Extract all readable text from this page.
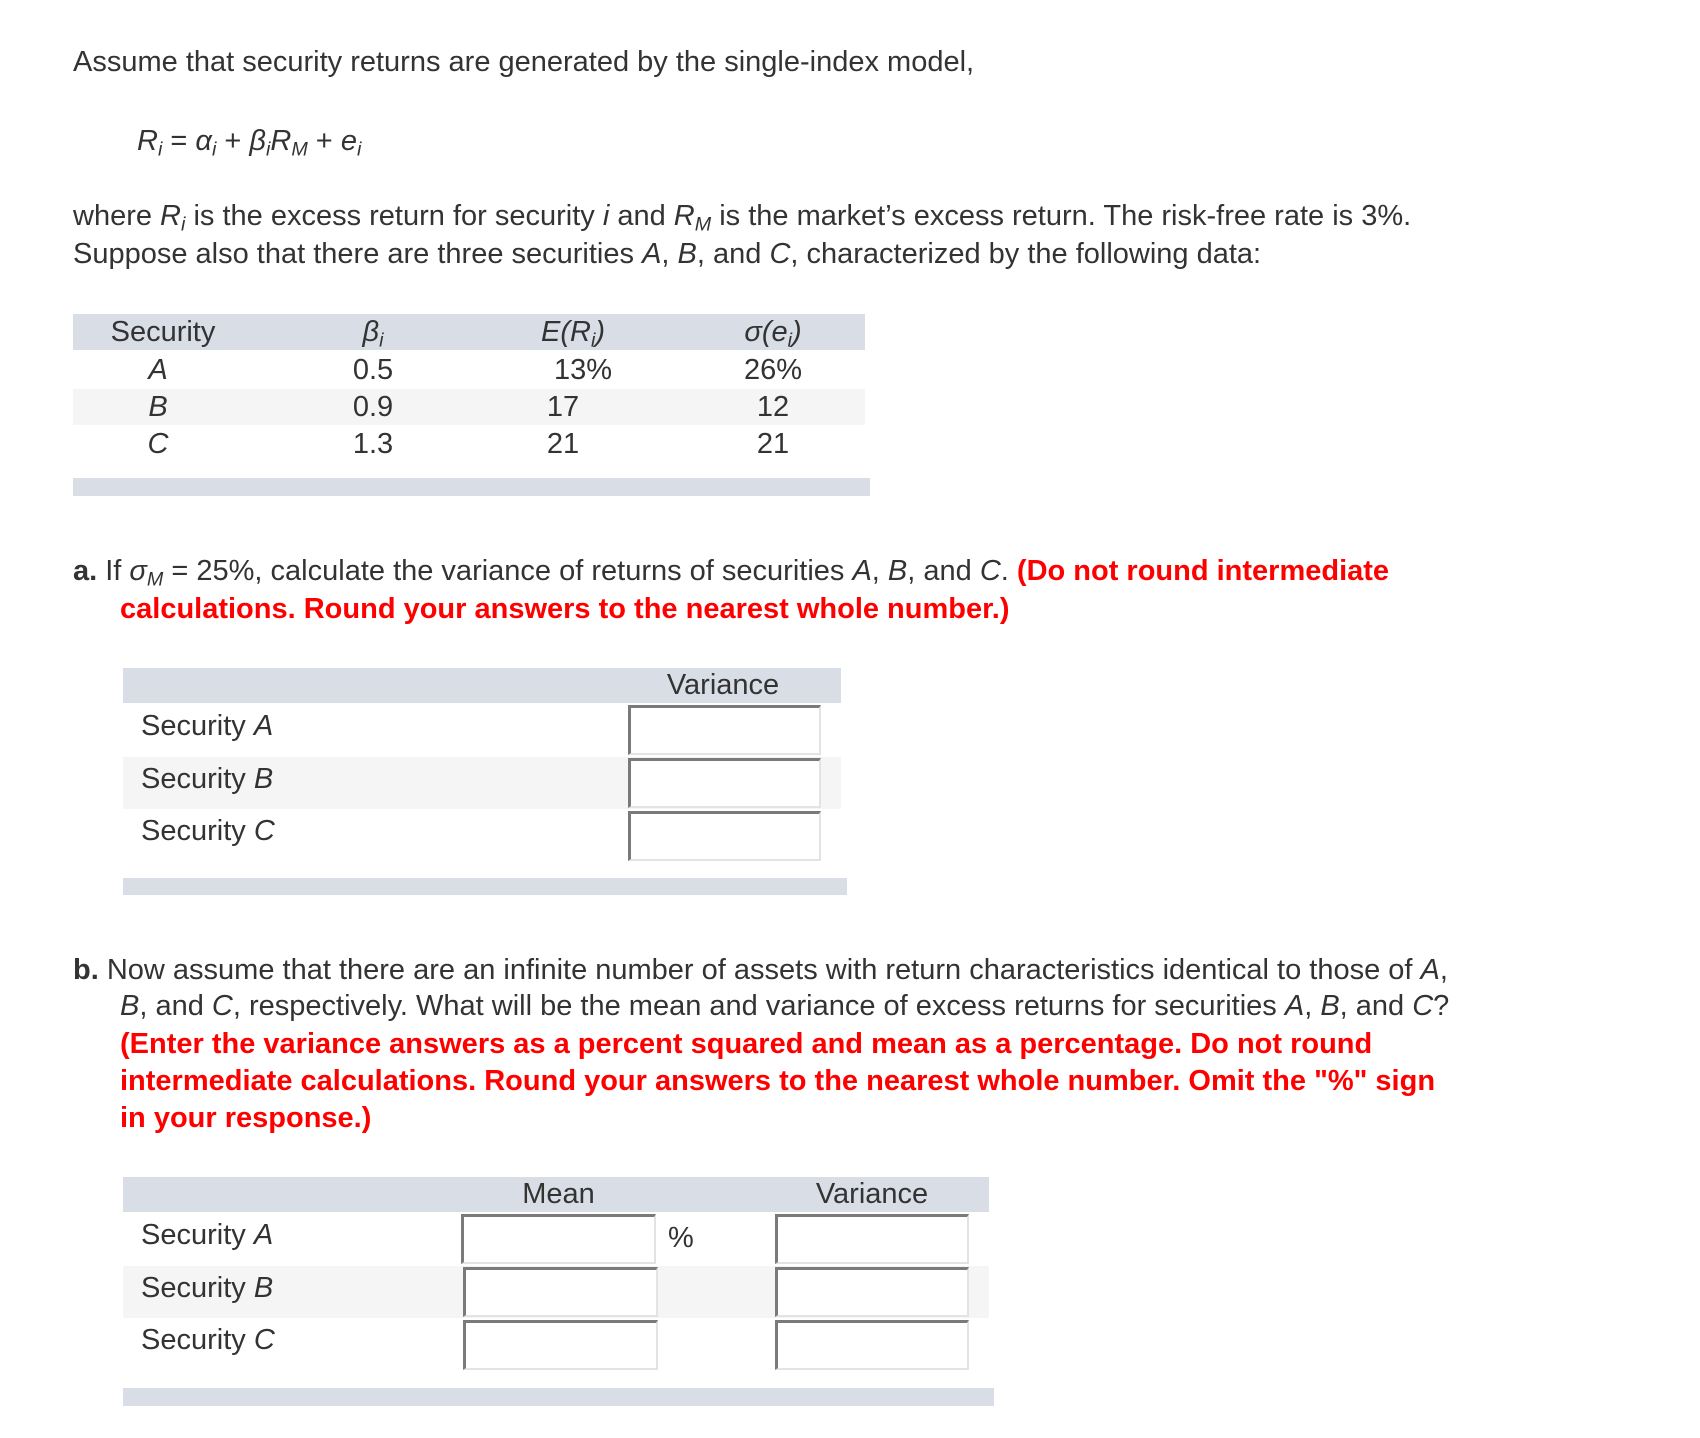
Assume that security returns are generated by the single-index model,
$R_i = \alpha_i + \beta_iR_M + e_i$
where $R_i$ is the excess return for security i and $R_M$ is the market’s excess return. The risk-free rate is 3%.
Suppose also that there are three securities A, B, and C, characterized by the following data:
Security	$\beta_i$	$E(R_i)$	$\sigma(e_i)$
A	0.5	13%	26%
B	0.9	17	12
C	1.3	21	21
a. If $\sigma_M = 25\%$, calculate the variance of returns of securities A, B, and C. (Do not round intermediate
calculations. Round your answers to the nearest whole number.)
Variance
Security A
Security B
Security C
b. Now assume that there are an infinite number of assets with return characteristics identical to those of A,
B, and C, respectively. What will be the mean and variance of excess returns for securities A, B, and C?
(Enter the variance answers as a percent squared and mean as a percentage. Do not round
intermediate calculations. Round your answers to the nearest whole number. Omit the "%" sign
in your response.)
Mean	Variance
Security A	%
Security B
Security C
